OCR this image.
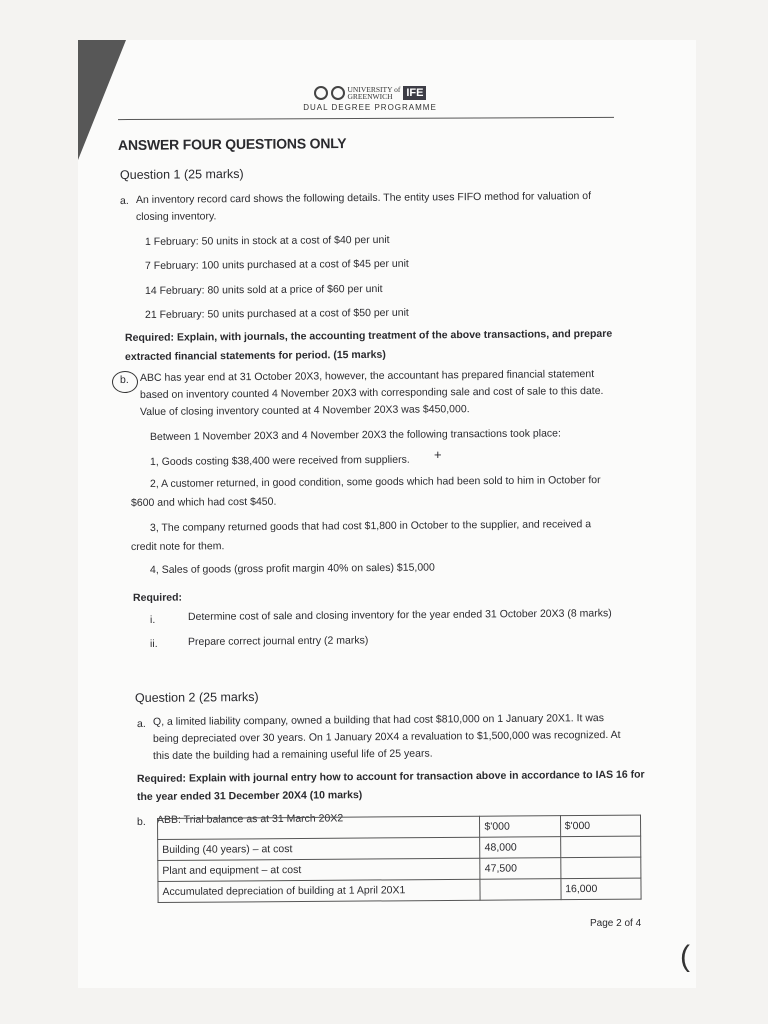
UNIVERSITY of
GREENWICH	IFE
DUAL DEGREE PROGRAMME
ANSWER FOUR QUESTIONS ONLY
Question 1 (25 marks)
a. An inventory record card shows the following details. The entity uses FIFO method for valuation of
closing inventory.
1 February: 50 units in stock at a cost of $40 per unit
7 February: 100 units purchased at a cost of $45 per unit
14 February: 80 units sold at a price of $60 per unit
21 February: 50 units purchased at a cost of $50 per unit
Required: Explain, with journals, the accounting treatment of the above transactions, and prepare
extracted financial statements for period. (15 marks)
b. ABC has year end at 31 October 20X3, however, the accountant has prepared financial statement
based on inventory counted 4 November 20X3 with corresponding sale and cost of sale to this date.
Value of closing inventory counted at 4 November 20X3 was $450,000.
Between 1 November 20X3 and 4 November 20X3 the following transactions took place:
1, Goods costing $38,400 were received from suppliers. +
2, A customer returned, in good condition, some goods which had been sold to him in October for
$600 and which had cost $450.
3, The company returned goods that had cost $1,800 in October to the supplier, and received a
credit note for them.
4, Sales of goods (gross profit margin 40% on sales) $15,000
Required:
i.	Determine cost of sale and closing inventory for the year ended 31 October 20X3 (8 marks)
ii.	Prepare correct journal entry (2 marks)
Question 2 (25 marks)
a. Q, a limited liability company, owned a building that had cost $810,000 on 1 January 20X1. It was
being depreciated over 30 years. On 1 January 20X4 a revaluation to $1,500,000 was recognized. At
this date the building had a remaining useful life of 25 years.
Required: Explain with journal entry how to account for transaction above in accordance to IAS 16 for
the year ended 31 December 20X4 (10 marks)
b. ABB: Trial balance as at 31 March 20X2
	$'000	$'000
Building (40 years) – at cost	48,000	
Plant and equipment – at cost	47,500	
Accumulated depreciation of building at 1 April 20X1		16,000
Page 2 of 4
(
